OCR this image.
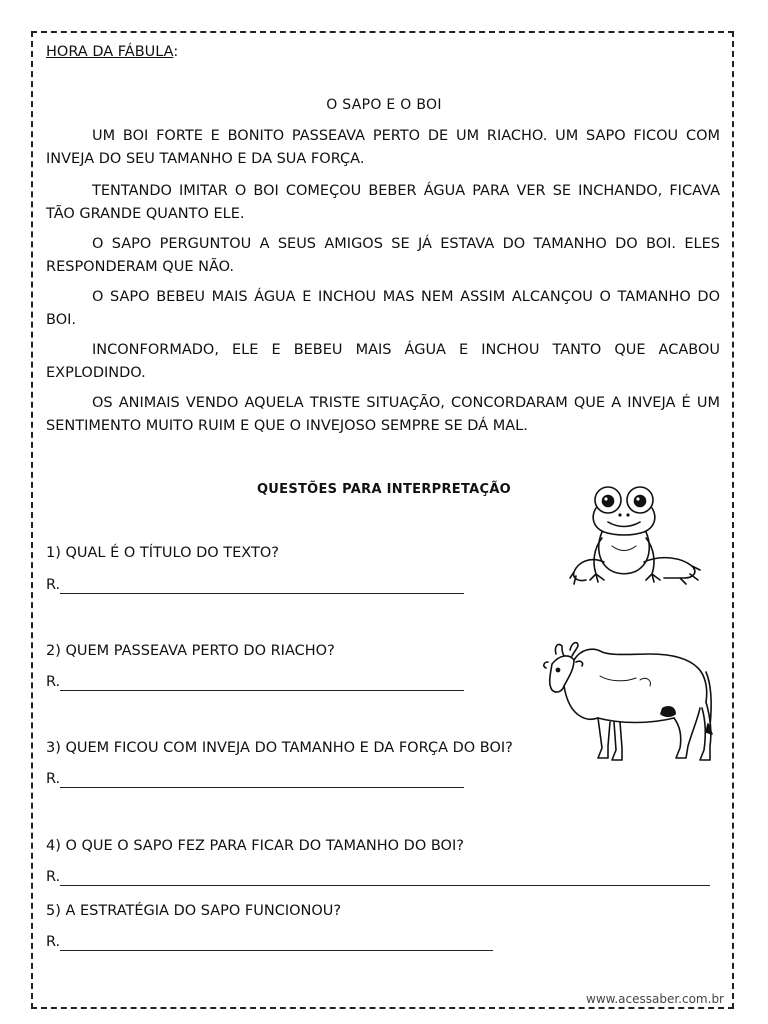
HORA DA FÁBULA:
O SAPO E O BOI

UM BOI FORTE E BONITO PASSEAVA PERTO DE UM RIACHO. UM SAPO FICOU COM INVEJA DO SEU TAMANHO E DA SUA FORÇA.

TENTANDO IMITAR O BOI COMEÇOU BEBER ÁGUA PARA VER SE INCHANDO, FICAVA TÃO GRANDE QUANTO ELE.

O SAPO PERGUNTOU A SEUS AMIGOS SE JÁ ESTAVA DO TAMANHO DO BOI. ELES RESPONDERAM QUE NÃO.

O SAPO BEBEU MAIS ÁGUA E INCHOU MAS NEM ASSIM ALCANÇOU O TAMANHO DO BOI.

INCONFORMADO, ELE E BEBEU MAIS ÁGUA E INCHOU TANTO QUE ACABOU EXPLODINDO.

OS ANIMAIS VENDO AQUELA TRISTE SITUAÇÃO, CONCORDARAM QUE A INVEJA É UM SENTIMENTO MUITO RUIM E QUE O INVEJOSO SEMPRE SE DÁ MAL.

QUESTÕES PARA INTERPRETAÇÃO
1) QUAL É O TÍTULO DO TEXTO?
R.
2) QUEM PASSEAVA PERTO DO RIACHO?
R.
3) QUEM FICOU COM INVEJA DO TAMANHO E DA FORÇA DO BOI?
R.
4) O QUE O SAPO FEZ PARA FICAR DO TAMANHO DO BOI?
R.
5) A ESTRATÉGIA DO SAPO FUNCIONOU?
R.
www.acessaber.com.br
